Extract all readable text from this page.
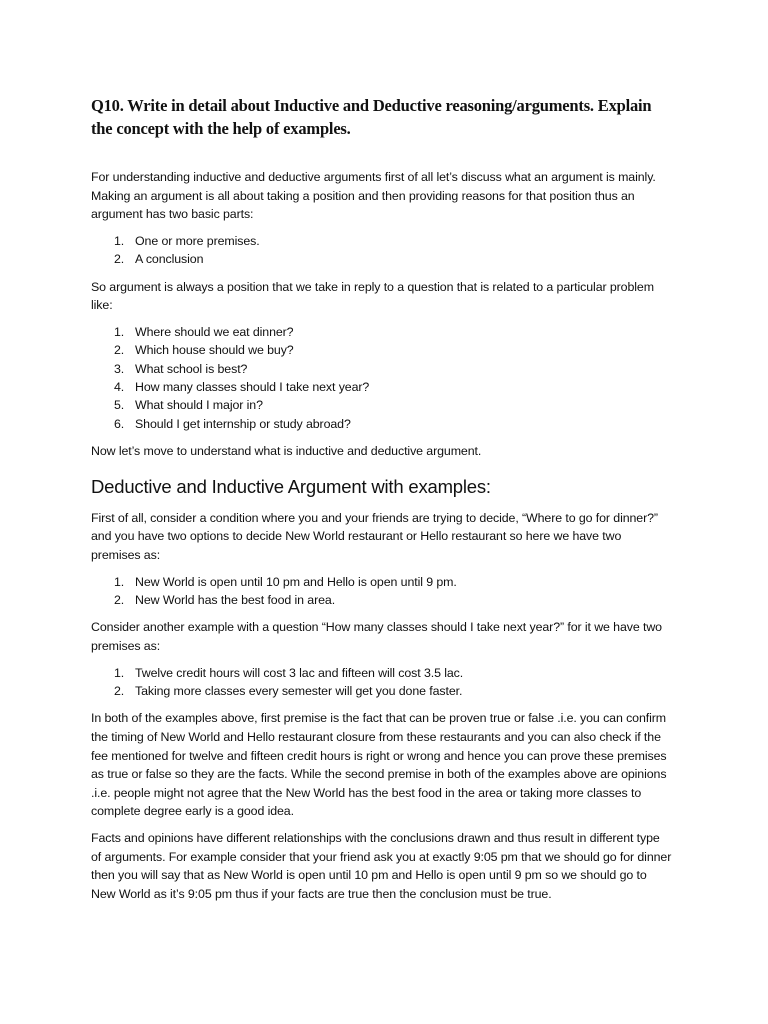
Q10. Write in detail about Inductive and Deductive reasoning/arguments. Explain the concept with the help of examples.

For understanding inductive and deductive arguments first of all let’s discuss what an argument is mainly. Making an argument is all about taking a position and then providing reasons for that position thus an argument has two basic parts:

1. One or more premises.
2. A conclusion

So argument is always a position that we take in reply to a question that is related to a particular problem like:

1. Where should we eat dinner?
2. Which house should we buy?
3. What school is best?
4. How many classes should I take next year?
5. What should I major in?
6. Should I get internship or study abroad?

Now let’s move to understand what is inductive and deductive argument.

Deductive and Inductive Argument with examples:

First of all, consider a condition where you and your friends are trying to decide, “Where to go for dinner?” and you have two options to decide New World restaurant or Hello restaurant so here we have two premises as:

1. New World is open until 10 pm and Hello is open until 9 pm.
2. New World has the best food in area.

Consider another example with a question “How many classes should I take next year?” for it we have two premises as:

1. Twelve credit hours will cost 3 lac and fifteen will cost 3.5 lac.
2. Taking more classes every semester will get you done faster.

In both of the examples above, first premise is the fact that can be proven true or false .i.e. you can confirm the timing of New World and Hello restaurant closure from these restaurants and you can also check if the fee mentioned for twelve and fifteen credit hours is right or wrong and hence you can prove these premises as true or false so they are the facts. While the second premise in both of the examples above are opinions .i.e. people might not agree that the New World has the best food in the area or taking more classes to complete degree early is a good idea.

Facts and opinions have different relationships with the conclusions drawn and thus result in different type of arguments. For example consider that your friend ask you at exactly 9:05 pm that we should go for dinner then you will say that as New World is open until 10 pm and Hello is open until 9 pm so we should go to New World as it’s 9:05 pm thus if your facts are true then the conclusion must be true.
